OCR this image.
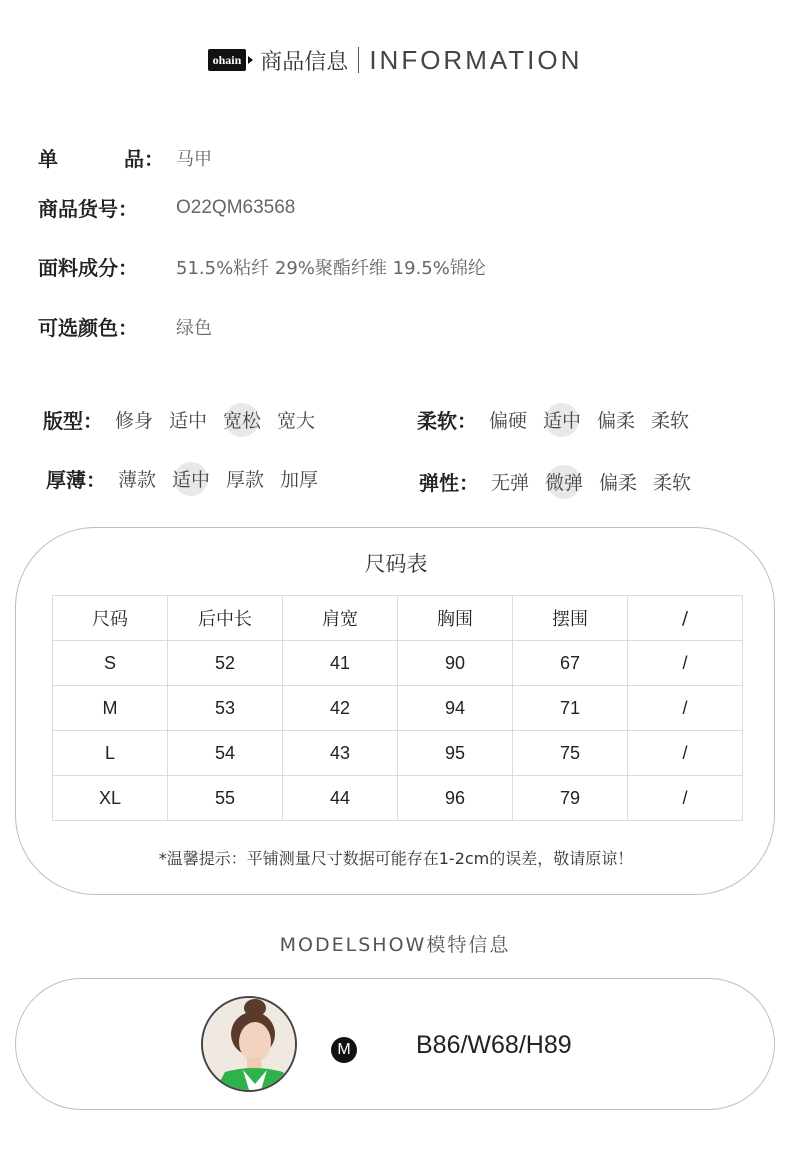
ohain 商品信息 INFORMATION
单 品： 马甲
商品货号：	O22QM63568
面料成分：	51.5%粘纤 29%聚酯纤维 19.5%锦纶
可选颜色：	绿色
版型： 修身 适中 宽松 宽大	柔软： 偏硬 适中 偏柔 柔软
厚薄： 薄款 适中 厚款 加厚	弹性： 无弹 微弹 偏柔 柔软
尺码表
尺码	后中长	肩宽	胸围	摆围	/
S	52	41	90	67	/
M	53	42	94	71	/
L	54	43	95	75	/
XL	55	44	96	79	/
*温馨提示：平铺测量尺寸数据可能存在1-2cm的误差，敬请原谅！
MODELSHOW模特信息
M	B86/W68/H89
